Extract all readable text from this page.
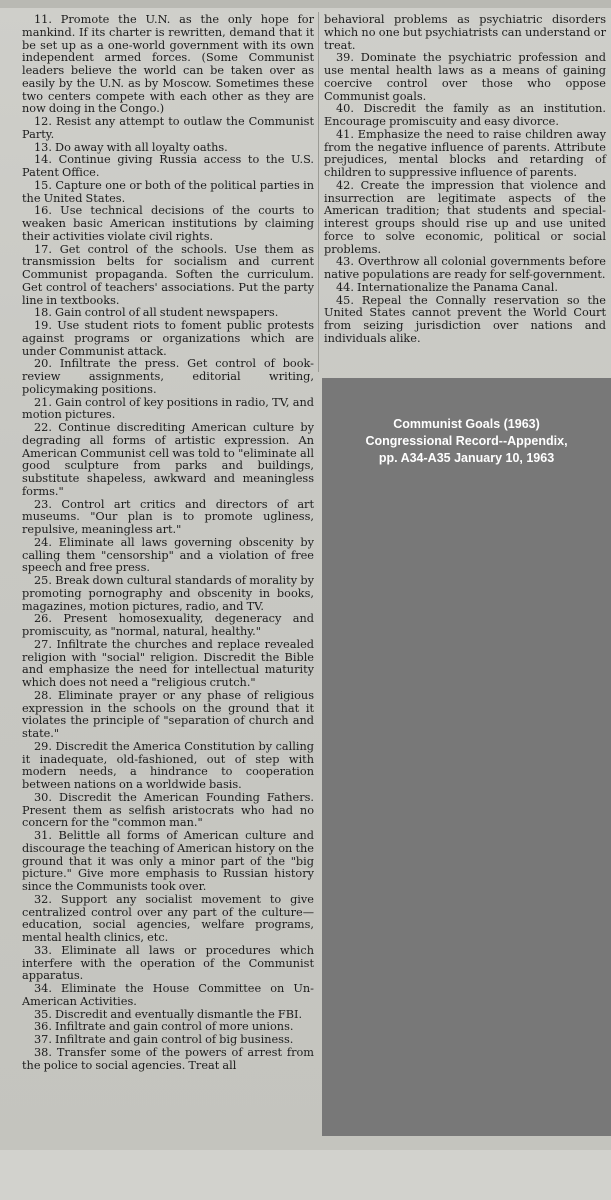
11. Promote the U.N. as the only hope for mankind. If its charter is rewritten, demand that it be set up as a one-world government with its own independent armed forces. (Some Communist leaders believe the world can be taken over as easily by the U.N. as by Moscow. Sometimes these two centers compete with each other as they are now doing in the Congo.)

12. Resist any attempt to outlaw the Communist Party.

13. Do away with all loyalty oaths.

14. Continue giving Russia access to the U.S. Patent Office.

15. Capture one or both of the political parties in the United States.

16. Use technical decisions of the courts to weaken basic American institutions by claiming their activities violate civil rights.

17. Get control of the schools. Use them as transmission belts for socialism and current Communist propaganda. Soften the curriculum. Get control of teachers' associations. Put the party line in textbooks.

18. Gain control of all student newspapers.

19. Use student riots to foment public protests against programs or organizations which are under Communist attack.

20. Infiltrate the press. Get control of book-review assignments, editorial writing, policymaking positions.

21. Gain control of key positions in radio, TV, and motion pictures.

22. Continue discrediting American culture by degrading all forms of artistic expression. An American Communist cell was told to "eliminate all good sculpture from parks and buildings, substitute shapeless, awkward and meaningless forms."

23. Control art critics and directors of art museums. "Our plan is to promote ugliness, repulsive, meaningless art."

24. Eliminate all laws governing obscenity by calling them "censorship" and a violation of free speech and free press.

25. Break down cultural standards of morality by promoting pornography and obscenity in books, magazines, motion pictures, radio, and TV.

26. Present homosexuality, degeneracy and promiscuity, as "normal, natural, healthy."

27. Infiltrate the churches and replace revealed religion with "social" religion. Discredit the Bible and emphasize the need for intellectual maturity which does not need a "religious crutch."

28. Eliminate prayer or any phase of religious expression in the schools on the ground that it violates the principle of "separation of church and state."

29. Discredit the America Constitution by calling it inadequate, old-fashioned, out of step with modern needs, a hindrance to cooperation between nations on a worldwide basis.

30. Discredit the American Founding Fathers. Present them as selfish aristocrats who had no concern for the "common man."

31. Belittle all forms of American culture and discourage the teaching of American history on the ground that it was only a minor part of the "big picture." Give more emphasis to Russian history since the Communists took over.

32. Support any socialist movement to give centralized control over any part of the culture—education, social agencies, welfare programs, mental health clinics, etc.

33. Eliminate all laws or procedures which interfere with the operation of the Communist apparatus.

34. Eliminate the House Committee on Un-American Activities.

35. Discredit and eventually dismantle the FBI.

36. Infiltrate and gain control of more unions.

37. Infiltrate and gain control of big business.

38. Transfer some of the powers of arrest from the police to social agencies. Treat all

behavioral problems as psychiatric disorders which no one but psychiatrists can understand or treat.

39. Dominate the psychiatric profession and use mental health laws as a means of gaining coercive control over those who oppose Communist goals.

40. Discredit the family as an institution. Encourage promiscuity and easy divorce.

41. Emphasize the need to raise children away from the negative influence of parents. Attribute prejudices, mental blocks and retarding of children to suppressive influence of parents.

42. Create the impression that violence and insurrection are legitimate aspects of the American tradition; that students and special-interest groups should rise up and use united force to solve economic, political or social problems.

43. Overthrow all colonial governments before native populations are ready for self-government.

44. Internationalize the Panama Canal.

45. Repeal the Connally reservation so the United States cannot prevent the World Court from seizing jurisdiction over nations and individuals alike.

Communist Goals (1963)
Congressional Record--Appendix,
pp. A34-A35 January 10, 1963
